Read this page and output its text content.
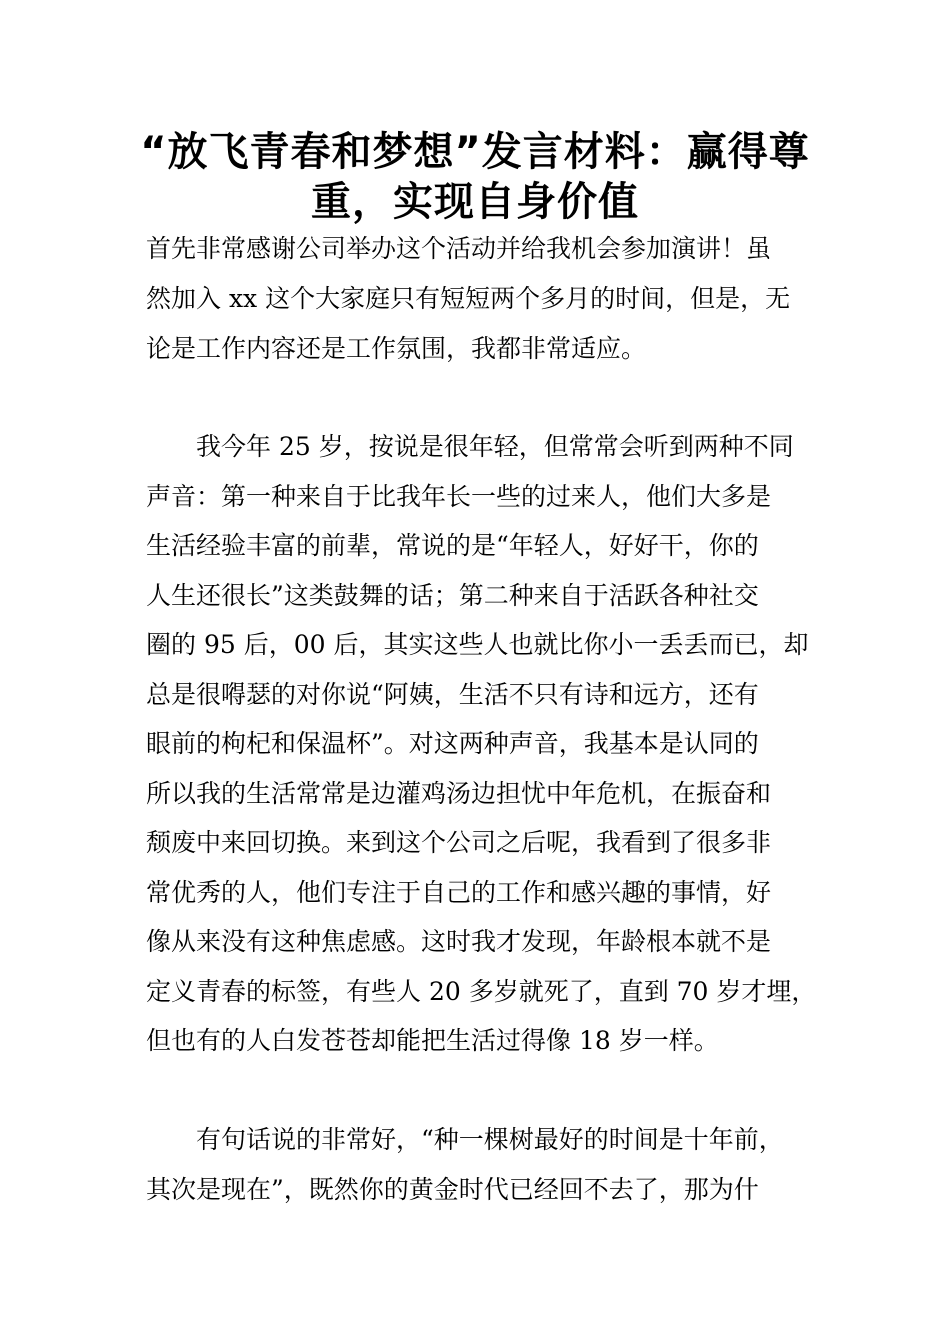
“放飞青春和梦想”发言材料：赢得尊
重，实现自身价值

首先非常感谢公司举办这个活动并给我机会参加演讲！虽

然加入 xx 这个大家庭只有短短两个多月的时间，但是，无

论是工作内容还是工作氛围，我都非常适应。

　　我今年 25 岁，按说是很年轻，但常常会听到两种不同

声音：第一种来自于比我年长一些的过来人，他们大多是

生活经验丰富的前辈，常说的是“年轻人，好好干，你的

人生还很长”这类鼓舞的话；第二种来自于活跃各种社交

圈的 95 后，00 后，其实这些人也就比你小一丢丢而已，却

总是很嘚瑟的对你说“阿姨，生活不只有诗和远方，还有

眼前的枸杞和保温杯”。对这两种声音，我基本是认同的

所以我的生活常常是边灌鸡汤边担忧中年危机，在振奋和

颓废中来回切换。来到这个公司之后呢，我看到了很多非

常优秀的人，他们专注于自己的工作和感兴趣的事情，好

像从来没有这种焦虑感。这时我才发现，年龄根本就不是

定义青春的标签，有些人 20 多岁就死了，直到 70 岁才埋，

但也有的人白发苍苍却能把生活过得像 18 岁一样。

　　有句话说的非常好，“种一棵树最好的时间是十年前，

其次是现在”，既然你的黄金时代已经回不去了，那为什
